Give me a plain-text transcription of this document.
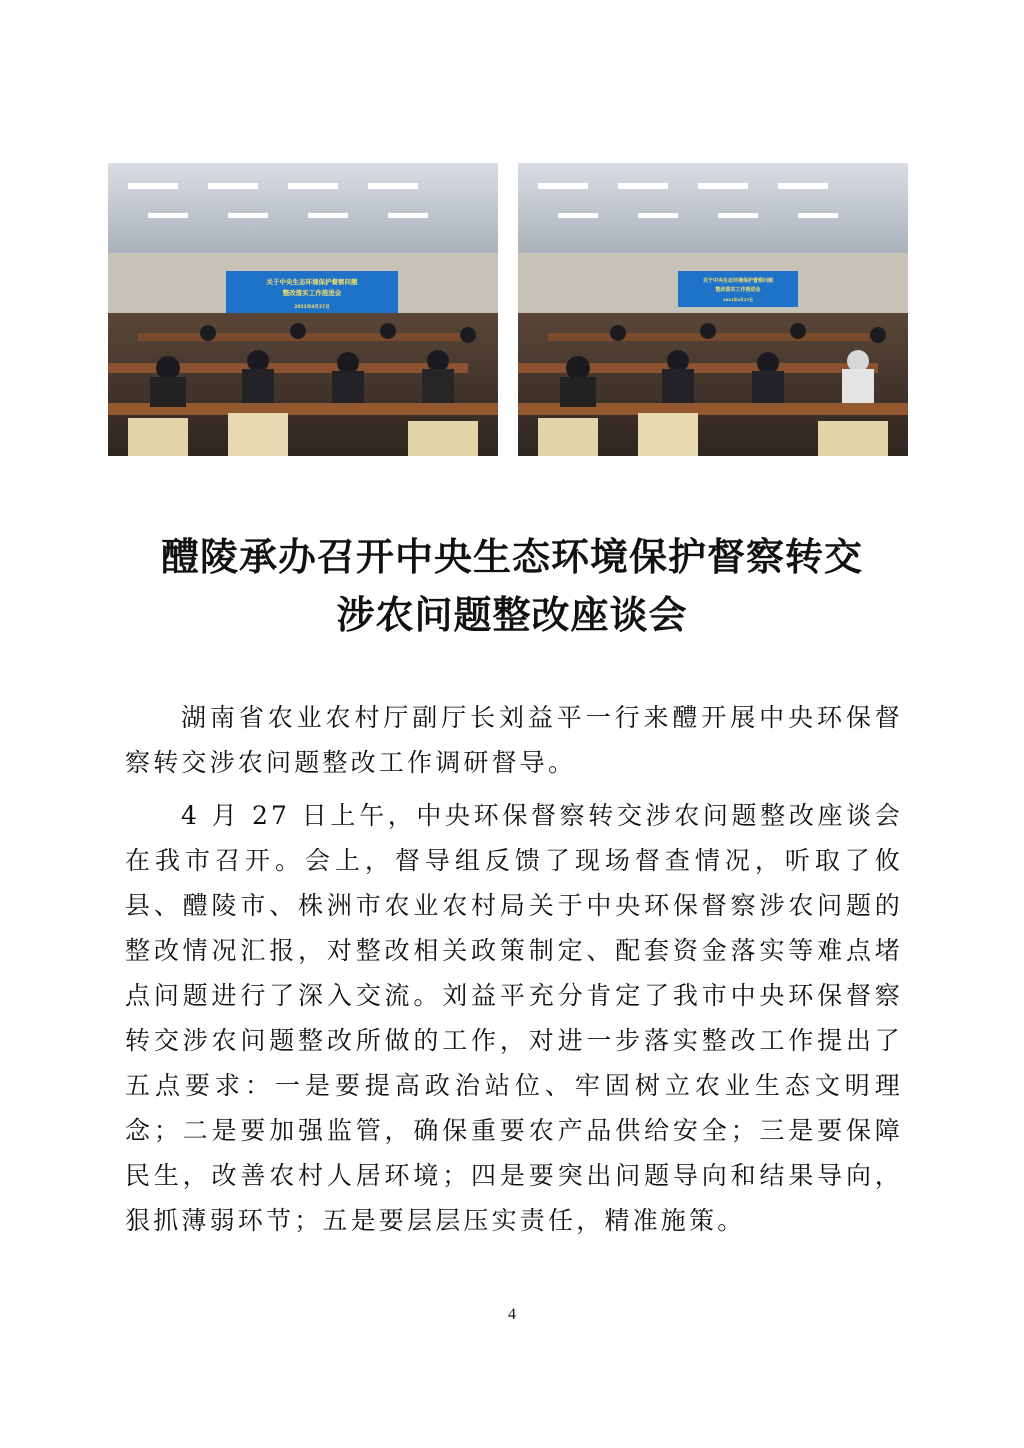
关于中央生态环境保护督察问题
整改落实工作推进会
2021年4月27日
关于中央生态环境保护督察问题
整改落实工作推进会
2021年4月27日
醴陵承办召开中央生态环境保护督察转交
涉农问题整改座谈会

湖南省农业农村厅副厅长刘益平一行来醴开展中央环保督察转交涉农问题整改工作调研督导。

4 月 27 日上午，中央环保督察转交涉农问题整改座谈会在我市召开。会上，督导组反馈了现场督查情况，听取了攸县、醴陵市、株洲市农业农村局关于中央环保督察涉农问题的整改情况汇报，对整改相关政策制定、配套资金落实等难点堵点问题进行了深入交流。刘益平充分肯定了我市中央环保督察转交涉农问题整改所做的工作，对进一步落实整改工作提出了五点要求：一是要提高政治站位、牢固树立农业生态文明理念；二是要加强监管，确保重要农产品供给安全；三是要保障民生，改善农村人居环境；四是要突出问题导向和结果导向，狠抓薄弱环节；五是要层层压实责任，精准施策。

4
